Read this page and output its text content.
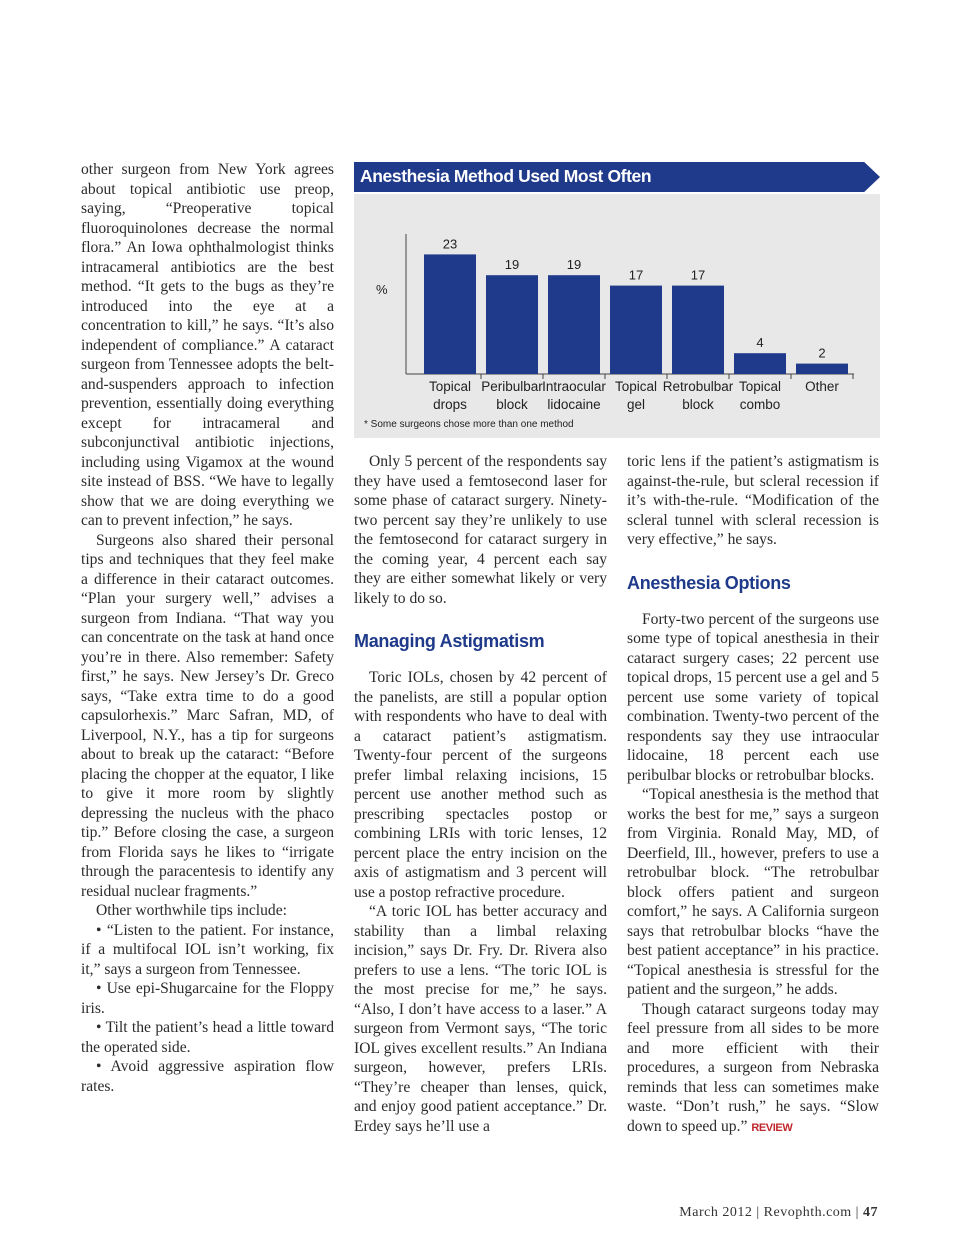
other surgeon from New York agrees about topical antibiotic use preop, saying, “Preoperative topical fluoroquinolones decrease the normal flora.” An Iowa ophthalmologist thinks intracameral antibiotics are the best method. “It gets to the bugs as they’re introduced into the eye at a concentration to kill,” he says. “It’s also independent of compliance.” A cataract surgeon from Tennessee adopts the belt-and-suspenders approach to infection prevention, essentially doing everything except for intracameral and subconjunctival antibiotic injections, including using Vigamox at the wound site instead of BSS. “We have to legally show that we are doing everything we can to prevent infection,” he says.

Surgeons also shared their personal tips and techniques that they feel make a difference in their cataract outcomes. “Plan your surgery well,” advises a surgeon from Indiana. “That way you can concentrate on the task at hand once you’re in there. Also remember: Safety first,” he says. New Jersey’s Dr. Greco says, “Take extra time to do a good capsulorhexis.” Marc Safran, MD, of Liverpool, N.Y., has a tip for surgeons about to break up the cataract: “Before placing the chopper at the equator, I like to give it more room by slightly depressing the nucleus with the phaco tip.” Before closing the case, a surgeon from Florida says he likes to “irrigate through the paracentesis to identify any residual nuclear fragments.”

Other worthwhile tips include:

• “Listen to the patient. For instance, if a multifocal IOL isn’t working, fix it,” says a surgeon from Tennessee.

• Use epi-Shugarcaine for the Floppy iris.

• Tilt the patient’s head a little toward the operated side.

• Avoid aggressive aspiration flow rates.

Anesthesia Method Used Most Often
%
23
Topical
drops
19
Peribulbar
block
19
Intraocular
lidocaine
17
Topical
gel
17
Retrobulbar
block
4
Topical
combo
2
Other
* Some surgeons chose more than one method

Only 5 percent of the respondents say they have used a femtosecond laser for some phase of cataract surgery. Ninety-two percent say they’re unlikely to use the femtosecond for cataract surgery in the coming year, 4 percent each say they are either somewhat likely or very likely to do so.

Managing Astigmatism

Toric IOLs, chosen by 42 percent of the panelists, are still a popular option with respondents who have to deal with a cataract patient’s astigmatism. Twenty-four percent of the surgeons prefer limbal relaxing incisions, 15 percent use another method such as prescribing spectacles postop or combining LRIs with toric lenses, 12 percent place the entry incision on the axis of astigmatism and 3 percent will use a postop refractive procedure.

“A toric IOL has better accuracy and stability than a limbal relaxing incision,” says Dr. Fry. Dr. Rivera also prefers to use a lens. “The toric IOL is the most precise for me,” he says. “Also, I don’t have access to a laser.” A surgeon from Vermont says, “The toric IOL gives excellent results.” An Indiana surgeon, however, prefers LRIs. “They’re cheaper than lenses, quick, and enjoy good patient acceptance.” Dr. Erdey says he’ll use a

toric lens if the patient’s astigmatism is against-the-rule, but scleral recession if it’s with-the-rule. “Modification of the scleral tunnel with scleral recession is very effective,” he says.

Anesthesia Options

Forty-two percent of the surgeons use some type of topical anesthesia in their cataract surgery cases; 22 percent use topical drops, 15 percent use a gel and 5 percent use some variety of topical combination. Twenty-two percent of the respondents say they use intraocular lidocaine, 18 percent each use peribulbar blocks or retrobulbar blocks.

“Topical anesthesia is the method that works the best for me,” says a surgeon from Virginia. Ronald May, MD, of Deerfield, Ill., however, prefers to use a retrobulbar block. “The retrobulbar block offers patient and surgeon comfort,” he says. A California surgeon says that retrobulbar blocks “have the best patient acceptance” in his practice. “Topical anesthesia is stressful for the patient and the surgeon,” he adds.

Though cataract surgeons today may feel pressure from all sides to be more and more efficient with their procedures, a surgeon from Nebraska reminds that less can sometimes make waste. “Don’t rush,” he says. “Slow down to speed up.” REVIEW

March 2012 | Revophth.com | 47
